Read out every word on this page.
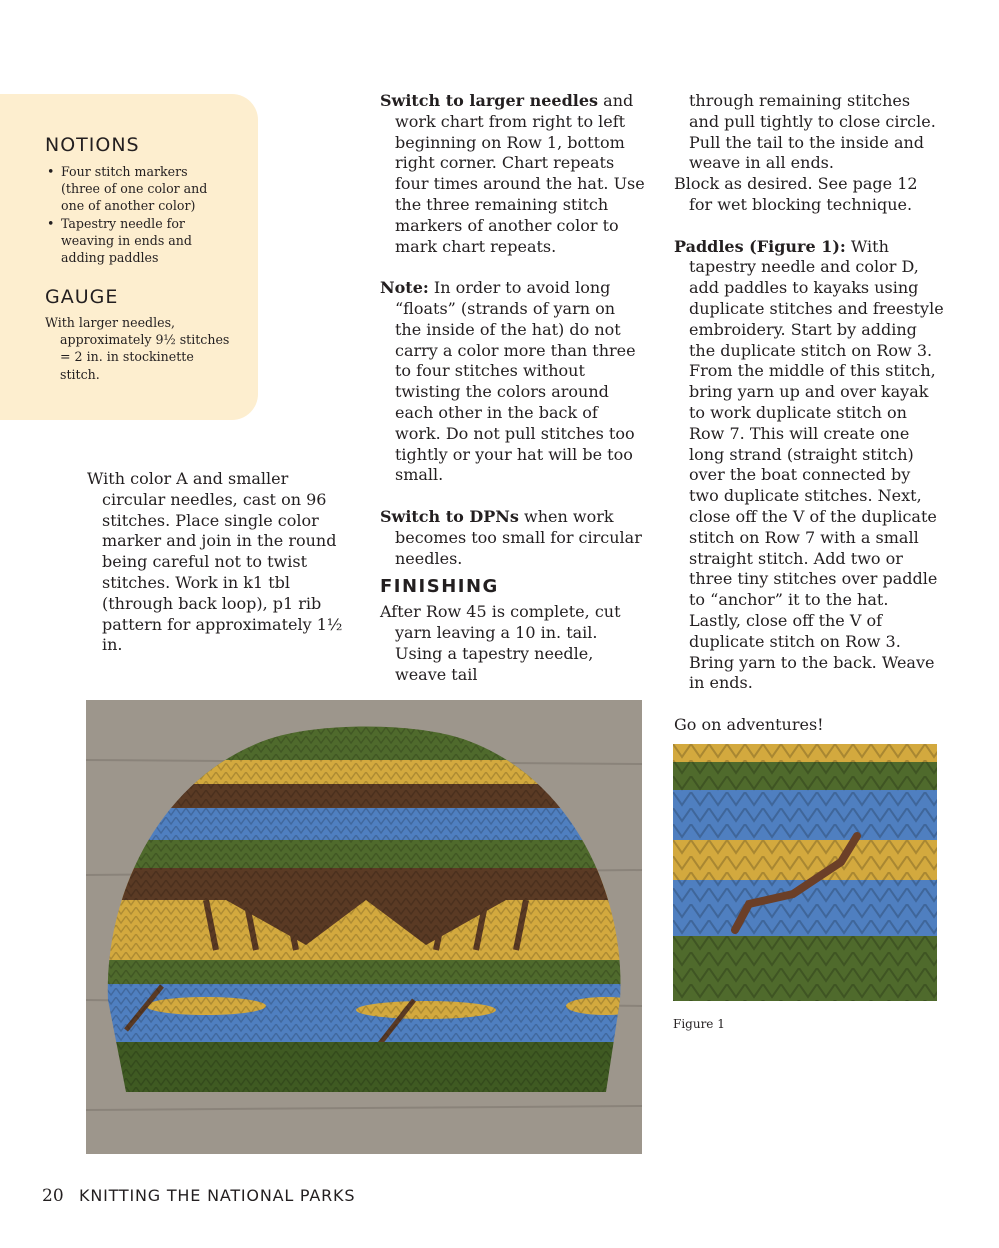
NOTIONS
GAUGE
• Four stitch markers (three of one color and one of another color)
• Tapestry needle for weaving in ends and adding paddles
With larger needles, approximately 9½ stitches = 2 in. in stockinette stitch.

With color A and smaller circular needles, cast on 96 stitches. Place single color marker and join in the round being careful not to twist stitches. Work in k1 tbl (through back loop), p1 rib pattern for approximately 1½ in.

Switch to larger needles and work chart from right to left beginning on Row 1, bottom right corner. Chart repeats four times around the hat. Use the three remaining stitch markers of another color to mark chart repeats.

Note: In order to avoid long “floats” (strands of yarn on the inside of the hat) do not carry a color more than three to four stitches without twisting the colors around each other in the back of work. Do not pull stitches too tightly or your hat will be too small.

Switch to DPNs when work becomes too small for circular needles.

FINISHING

After Row 45 is complete, cut yarn leaving a 10 in. tail. Using a tapestry needle, weave tail

through remaining stitches and pull tightly to close circle. Pull the tail to the inside and weave in all ends.

Block as desired. See page 12 for wet blocking technique.

Paddles (Figure 1): With tapestry needle and color D, add paddles to kayaks using duplicate stitches and freestyle embroidery. Start by adding the duplicate stitch on Row 3. From the middle of this stitch, bring yarn up and over kayak to work duplicate stitch on Row 7. This will create one long strand (straight stitch) over the boat connected by two duplicate stitches. Next, close off the V of the duplicate stitch on Row 7 with a small straight stitch. Add two or three tiny stitches over paddle to “anchor” it to the hat. Lastly, close off the V of duplicate stitch on Row 3. Bring yarn to the back. Weave in ends.

Go on adventures!

Figure 1
20 KNITTING THE NATIONAL PARKS
